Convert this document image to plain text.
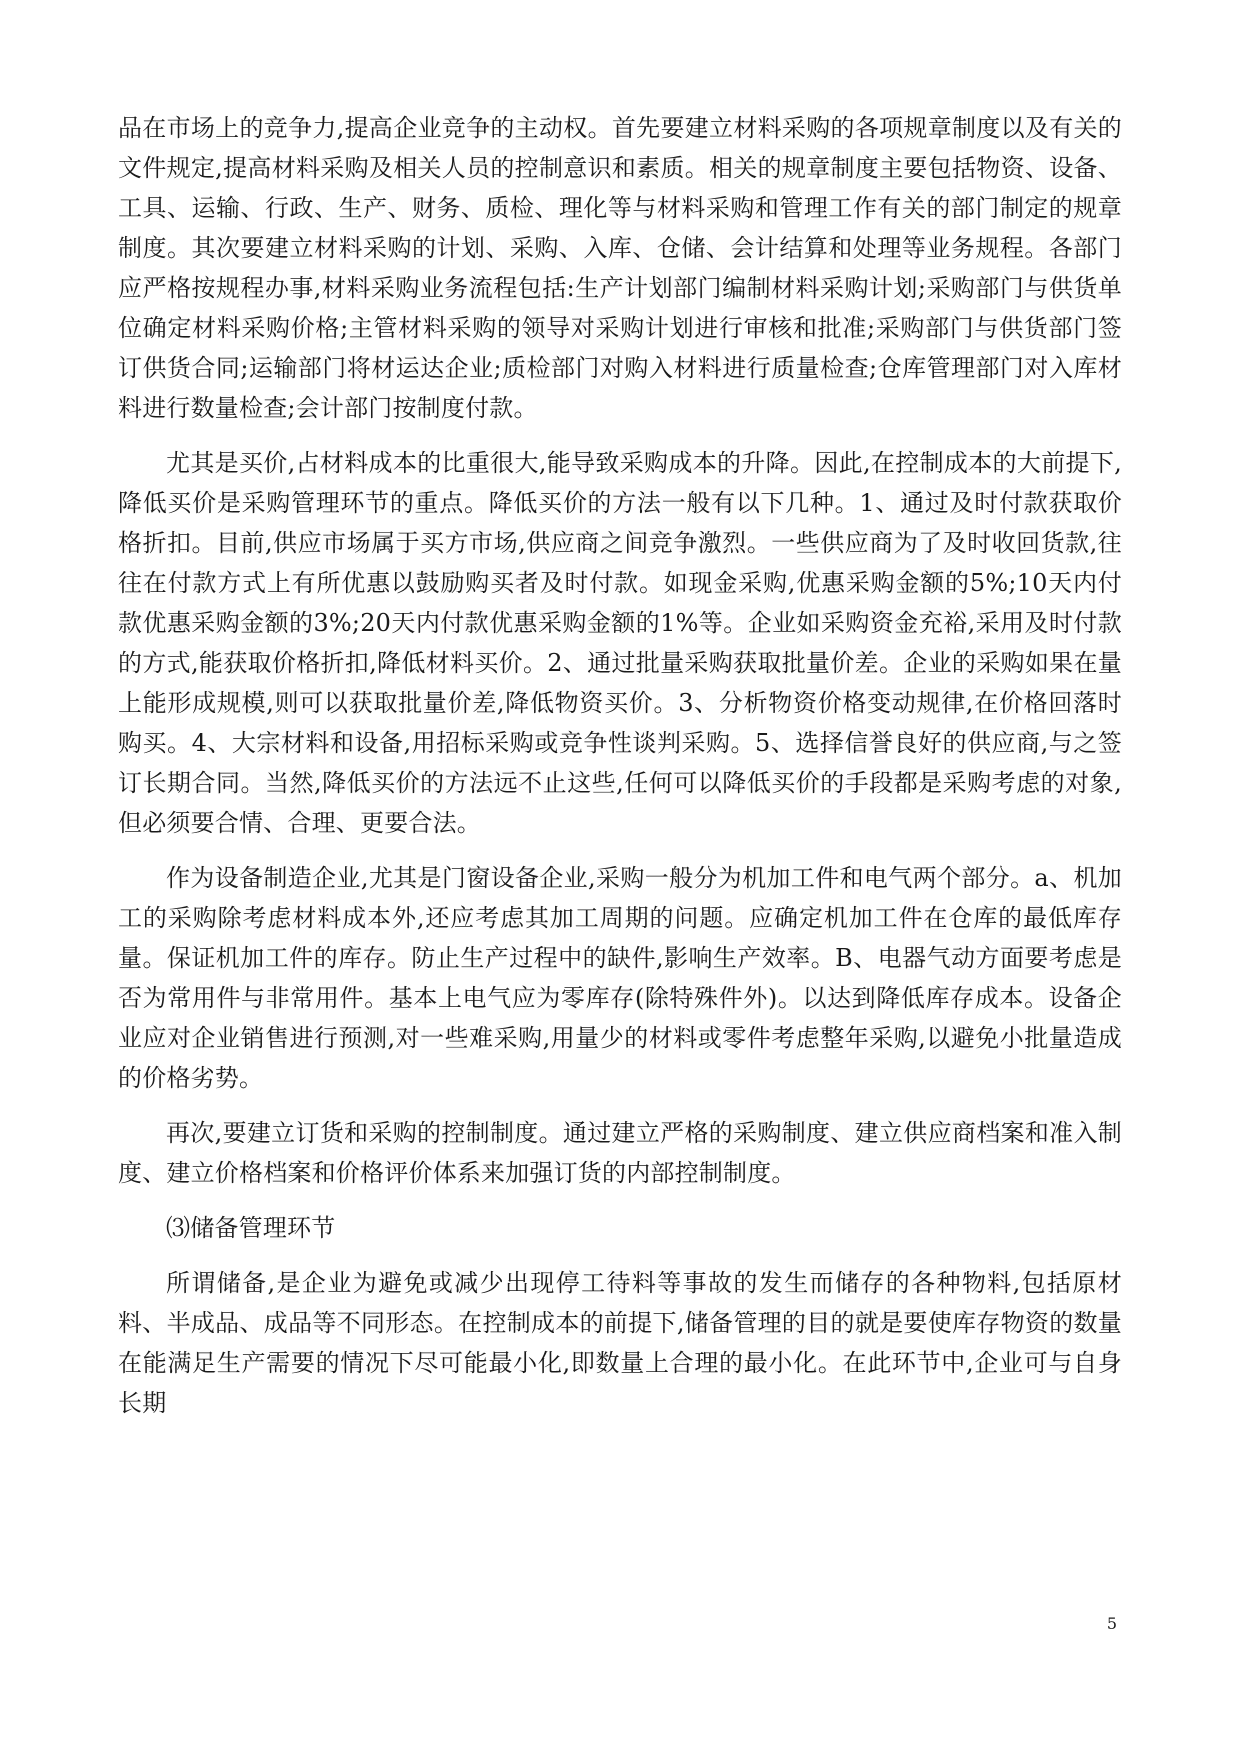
品在市场上的竞争力,提高企业竞争的主动权。首先要建立材料采购的各项规章制度以及有关的文件规定,提高材料采购及相关人员的控制意识和素质。相关的规章制度主要包括物资、设备、工具、运输、行政、生产、财务、质检、理化等与材料采购和管理工作有关的部门制定的规章制度。其次要建立材料采购的计划、采购、入库、仓储、会计结算和处理等业务规程。各部门应严格按规程办事,材料采购业务流程包括:生产计划部门编制材料采购计划;采购部门与供货单位确定材料采购价格;主管材料采购的领导对采购计划进行审核和批准;采购部门与供货部门签订供货合同;运输部门将材运达企业;质检部门对购入材料进行质量检查;仓库管理部门对入库材料进行数量检查;会计部门按制度付款。

尤其是买价,占材料成本的比重很大,能导致采购成本的升降。因此,在控制成本的大前提下,降低买价是采购管理环节的重点。降低买价的方法一般有以下几种。1、通过及时付款获取价格折扣。目前,供应市场属于买方市场,供应商之间竞争激烈。一些供应商为了及时收回货款,往往在付款方式上有所优惠以鼓励购买者及时付款。如现金采购,优惠采购金额的5%;10天内付款优惠采购金额的3%;20天内付款优惠采购金额的1%等。企业如采购资金充裕,采用及时付款的方式,能获取价格折扣,降低材料买价。2、通过批量采购获取批量价差。企业的采购如果在量上能形成规模,则可以获取批量价差,降低物资买价。3、分析物资价格变动规律,在价格回落时购买。4、大宗材料和设备,用招标采购或竞争性谈判采购。5、选择信誉良好的供应商,与之签订长期合同。当然,降低买价的方法远不止这些,任何可以降低买价的手段都是采购考虑的对象,但必须要合情、合理、更要合法。

作为设备制造企业,尤其是门窗设备企业,采购一般分为机加工件和电气两个部分。a、机加工的采购除考虑材料成本外,还应考虑其加工周期的问题。应确定机加工件在仓库的最低库存量。保证机加工件的库存。防止生产过程中的缺件,影响生产效率。B、电器气动方面要考虑是否为常用件与非常用件。基本上电气应为零库存(除特殊件外)。以达到降低库存成本。设备企业应对企业销售进行预测,对一些难采购,用量少的材料或零件考虑整年采购,以避免小批量造成的价格劣势。

再次,要建立订货和采购的控制制度。通过建立严格的采购制度、建立供应商档案和准入制度、建立价格档案和价格评价体系来加强订货的内部控制制度。

⑶储备管理环节

所谓储备,是企业为避免或减少出现停工待料等事故的发生而储存的各种物料,包括原材料、半成品、成品等不同形态。在控制成本的前提下,储备管理的目的就是要使库存物资的数量在能满足生产需要的情况下尽可能最小化,即数量上合理的最小化。在此环节中,企业可与自身长期

5
